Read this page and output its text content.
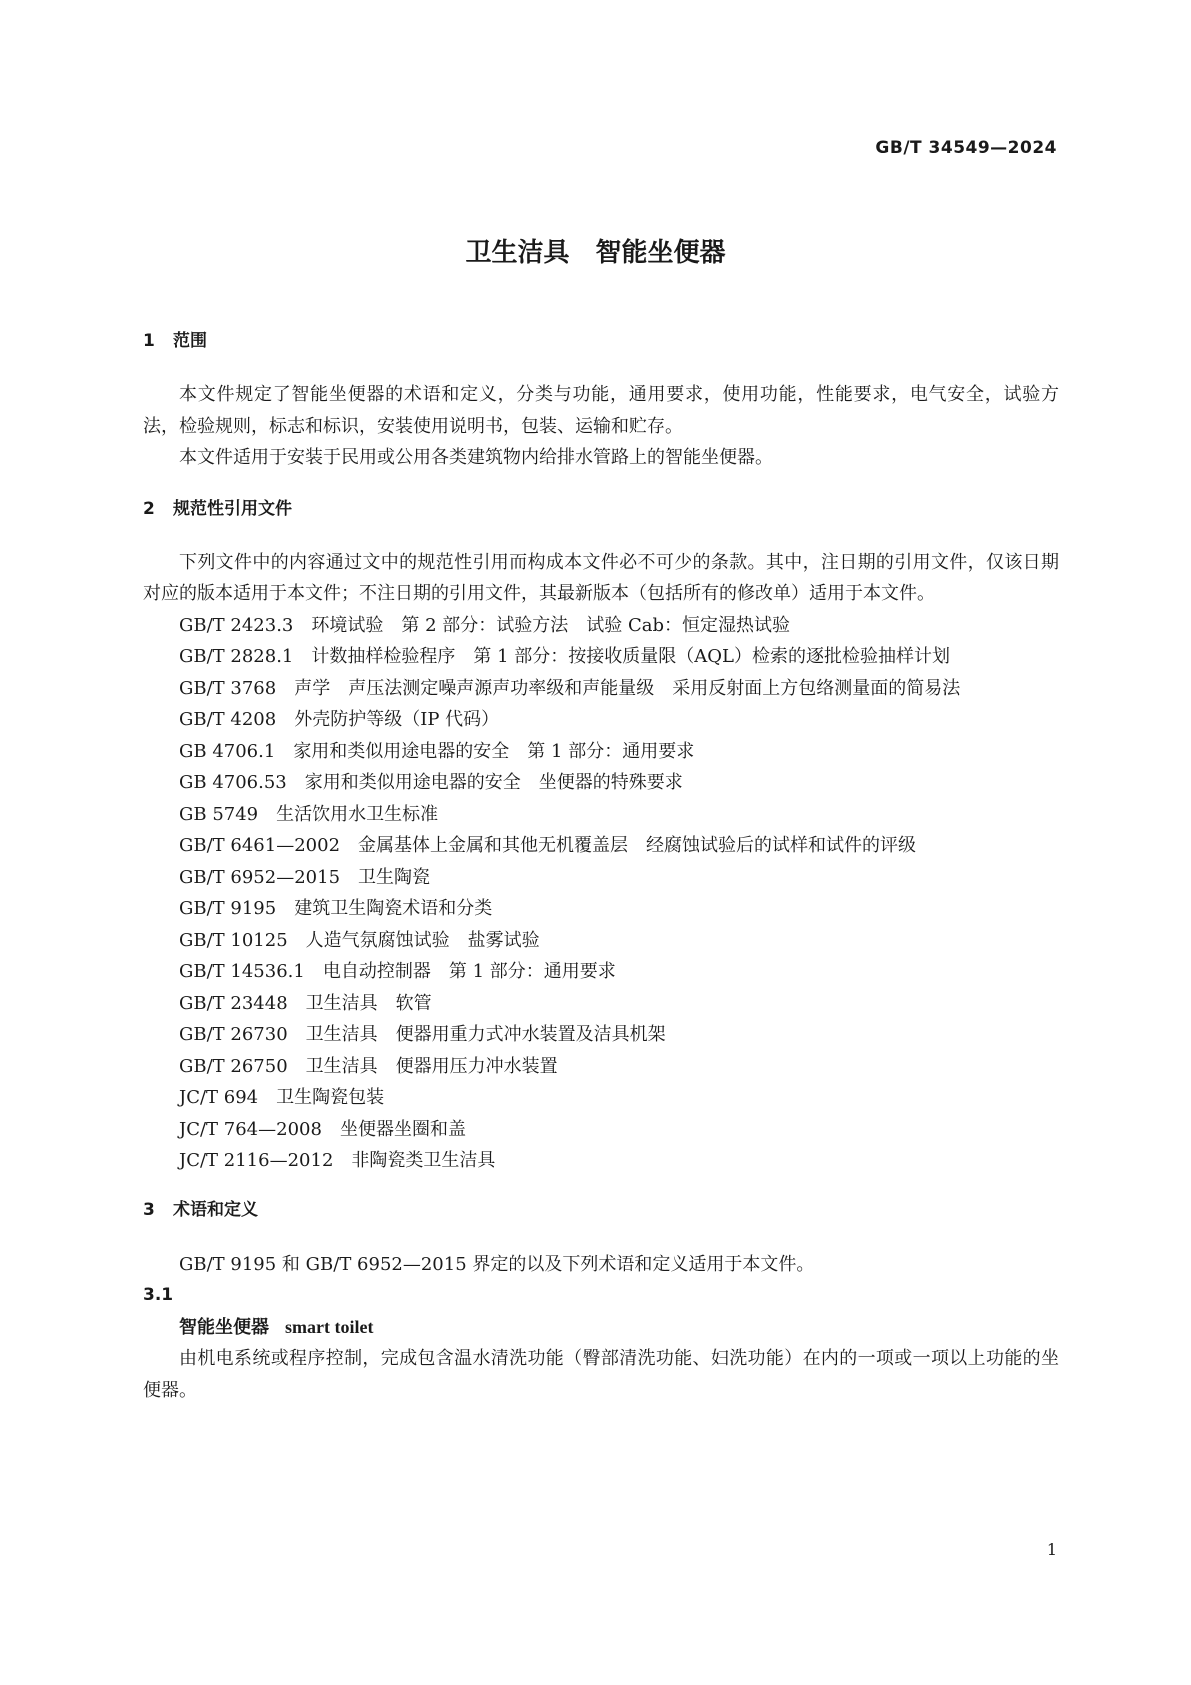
GB/T 34549—2024
卫生洁具　智能坐便器
1 范围

本文件规定了智能坐便器的术语和定义，分类与功能，通用要求，使用功能，性能要求，电气安全，试验方法，检验规则，标志和标识，安装使用说明书，包装、运输和贮存。

本文件适用于安装于民用或公用各类建筑物内给排水管路上的智能坐便器。

2 规范性引用文件

下列文件中的内容通过文中的规范性引用而构成本文件必不可少的条款。其中，注日期的引用文件，仅该日期对应的版本适用于本文件；不注日期的引用文件，其最新版本（包括所有的修改单）适用于本文件。

GB/T 2423.3 环境试验　第 2 部分：试验方法　试验 Cab：恒定湿热试验

GB/T 2828.1 计数抽样检验程序　第 1 部分：按接收质量限（AQL）检索的逐批检验抽样计划

GB/T 3768 声学　声压法测定噪声源声功率级和声能量级　采用反射面上方包络测量面的简易法

GB/T 4208 外壳防护等级（IP 代码）

GB 4706.1 家用和类似用途电器的安全　第 1 部分：通用要求

GB 4706.53 家用和类似用途电器的安全　坐便器的特殊要求

GB 5749 生活饮用水卫生标准

GB/T 6461—2002 金属基体上金属和其他无机覆盖层　经腐蚀试验后的试样和试件的评级

GB/T 6952—2015 卫生陶瓷

GB/T 9195 建筑卫生陶瓷术语和分类

GB/T 10125 人造气氛腐蚀试验　盐雾试验

GB/T 14536.1 电自动控制器　第 1 部分：通用要求

GB/T 23448 卫生洁具　软管

GB/T 26730 卫生洁具　便器用重力式冲水装置及洁具机架

GB/T 26750 卫生洁具　便器用压力冲水装置

JC/T 694 卫生陶瓷包装

JC/T 764—2008 坐便器坐圈和盖

JC/T 2116—2012 非陶瓷类卫生洁具

3 术语和定义

GB/T 9195 和 GB/T 6952—2015 界定的以及下列术语和定义适用于本文件。

3.1
智能坐便器 smart toilet

由机电系统或程序控制，完成包含温水清洗功能（臀部清洗功能、妇洗功能）在内的一项或一项以上功能的坐便器。

1
